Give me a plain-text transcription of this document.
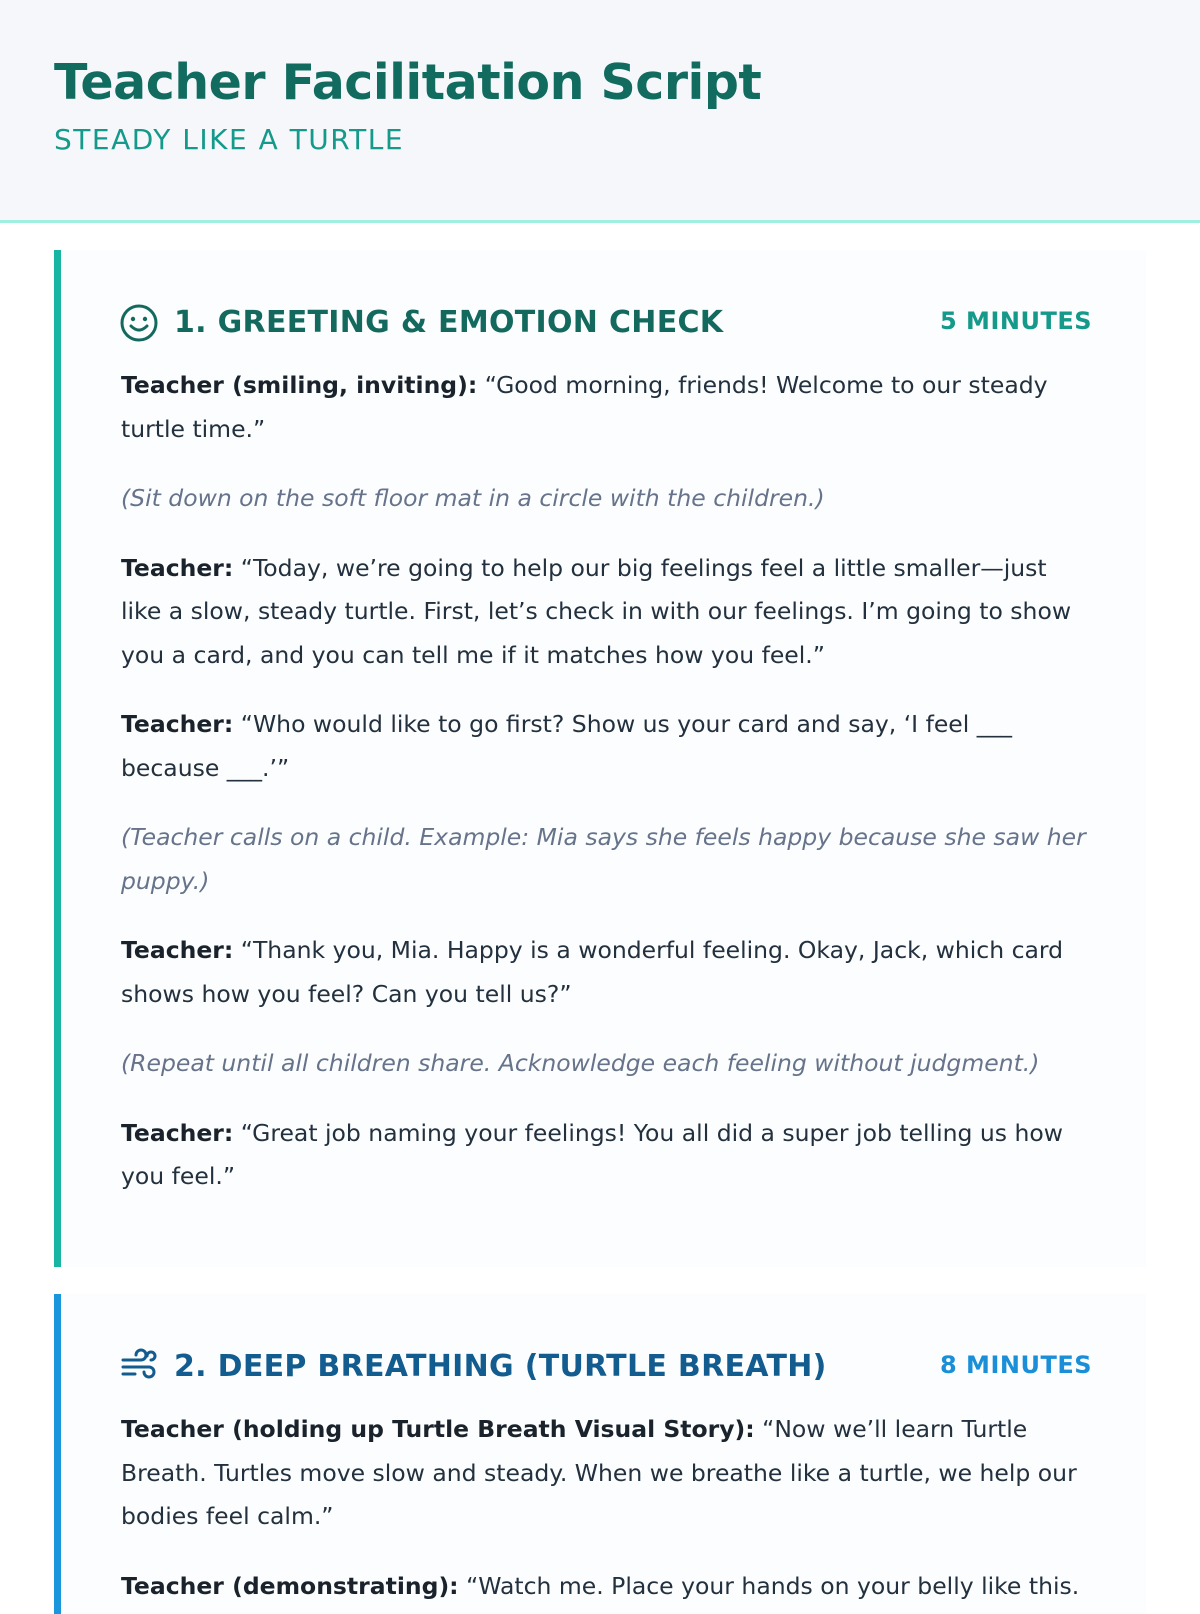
Teacher Facilitation Script
STEADY LIKE A TURTLE
1. GREETING & EMOTION CHECK	5 MINUTES

Teacher (smiling, inviting): “Good morning, friends! Welcome to our steady turtle time.”

(Sit down on the soft floor mat in a circle with the children.)

Teacher: “Today, we’re going to help our big feelings feel a little smaller—just like a slow, steady turtle. First, let’s check in with our feelings. I’m going to show you a card, and you can tell me if it matches how you feel.”

Teacher: “Who would like to go first? Show us your card and say, ‘I feel ___ because ___.’”

(Teacher calls on a child. Example: Mia says she feels happy because she saw her puppy.)

Teacher: “Thank you, Mia. Happy is a wonderful feeling. Okay, Jack, which card shows how you feel? Can you tell us?”

(Repeat until all children share. Acknowledge each feeling without judgment.)

Teacher: “Great job naming your feelings! You all did a super job telling us how you feel.”

2. DEEP BREATHING (TURTLE BREATH)	8 MINUTES

Teacher (holding up Turtle Breath Visual Story): “Now we’ll learn Turtle Breath. Turtles move slow and steady. When we breathe like a turtle, we help our bodies feel calm.”

Teacher (demonstrating): “Watch me. Place your hands on your belly like this.
